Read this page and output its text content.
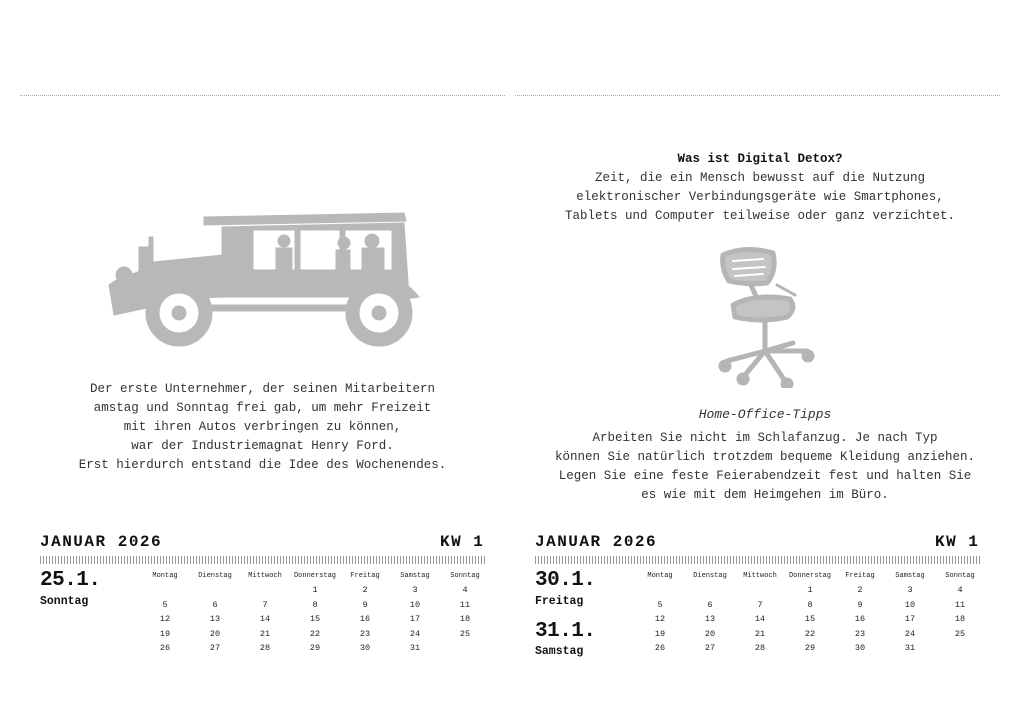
Der erste Unternehmer, der seinen Mitarbeitern
amstag und Sonntag frei gab, um mehr Freizeit
mit ihren Autos verbringen zu können,
war der Industriemagnat Henry Ford.
Erst hierdurch entstand die Idee des Wochenendes.
JANUAR 2026	KW 1
25.1.
Sonntag
Montag	Dienstag	Mittwoch	Donnerstag	Freitag	Samstag	Sonntag
			1	2	3	4
5	6	7	8	9	10	11
12	13	14	15	16	17	18
19	20	21	22	23	24	25
26	27	28	29	30	31	
Was ist Digital Detox?
Zeit, die ein Mensch bewusst auf die Nutzung
elektronischer Verbindungsgeräte wie Smartphones,
Tablets und Computer teilweise oder ganz verzichtet.
Home-Office-Tipps
Arbeiten Sie nicht im Schlafanzug. Je nach Typ
können Sie natürlich trotzdem bequeme Kleidung anziehen.
Legen Sie eine feste Feierabendzeit fest und halten Sie
es wie mit dem Heimgehen im Büro.
JANUAR 2026	KW 1
30.1.
Freitag
31.1.
Samstag
Montag	Dienstag	Mittwoch	Donnerstag	Freitag	Samstag	Sonntag
			1	2	3	4
5	6	7	8	9	10	11
12	13	14	15	16	17	18
19	20	21	22	23	24	25
26	27	28	29	30	31	
